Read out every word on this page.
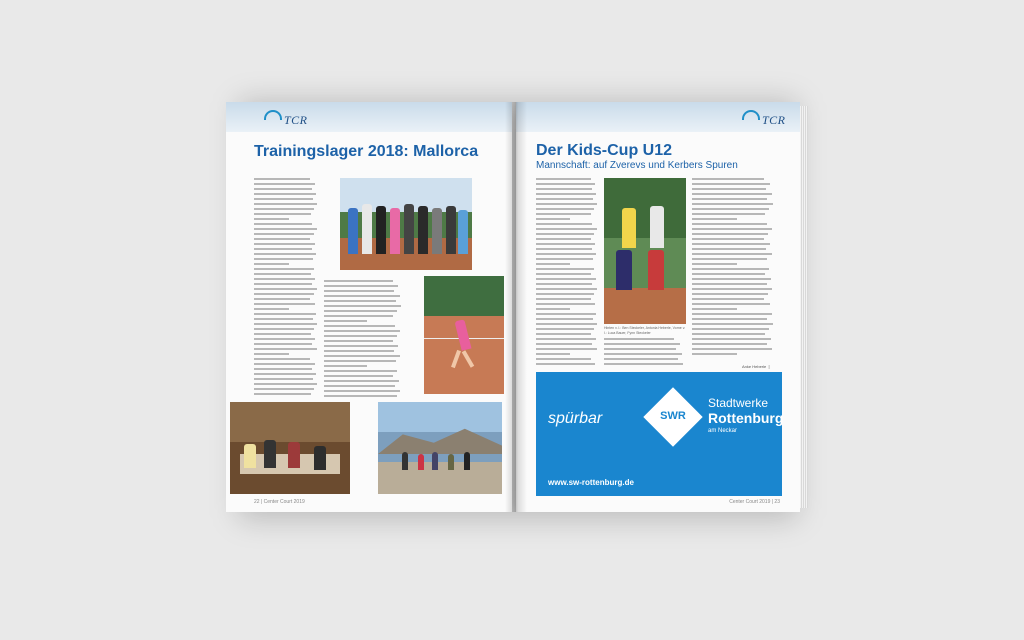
TCR
Trainingslager 2018: Mallorca
22 | Center Court 2019
TCR
Der Kids-Cup U12
Mannschaft: auf Zverevs und Kerbers Spuren
Hinten v. l.: Ben Steckeler, Antonia Heberle, Vorne v. l.: Luca Bauer, Fynn Steckeler
Anke Heberle ❘
spürbar	SWR
Stadtwerke
Rottenburg
am Neckar
www.sw-rottenburg.de
Center Court 2019 | 23
